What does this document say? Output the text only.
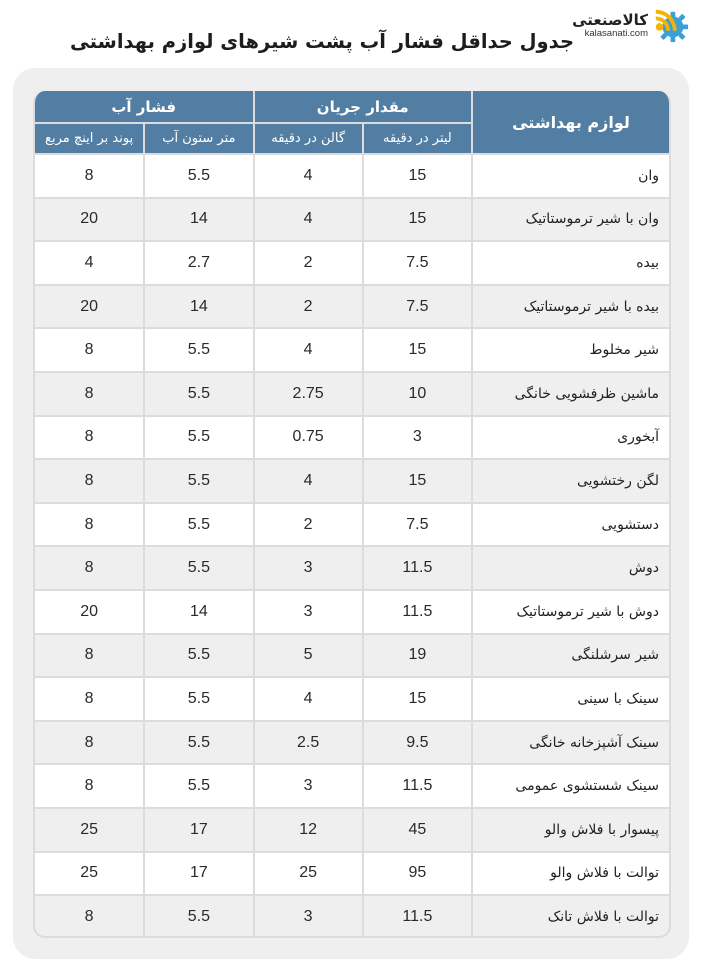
کالاصنعتی
kalasanati.com
جدول حداقل فشار آب پشت شیرهای لوازم بهداشتی
لوازم بهداشتی	مقدار جریان		فشار آب	
	لیتر در دقیقه	گالن در دقیقه	متر ستون آب	پوند بر اینچ مربع
وان	15	4	5.5	8
وان با شیر ترموستاتیک	15	4	14	20
بیده	7.5	2	2.7	4
بیده با شیر ترموستاتیک	7.5	2	14	20
شیر مخلوط	15	4	5.5	8
ماشین ظرفشویی خانگی	10	2.75	5.5	8
آبخوری	3	0.75	5.5	8
لگن رختشویی	15	4	5.5	8
دستشویی	7.5	2	5.5	8
دوش	11.5	3	5.5	8
دوش با شیر ترموستاتیک	11.5	3	14	20
شیر سرشلنگی	19	5	5.5	8
سینک با سینی	15	4	5.5	8
سینک آشپزخانه خانگی	9.5	2.5	5.5	8
سینک شستشوی عمومی	11.5	3	5.5	8
پیسوار با فلاش والو	45	12	17	25
توالت با فلاش والو	95	25	17	25
توالت با فلاش تانک	11.5	3	5.5	8
